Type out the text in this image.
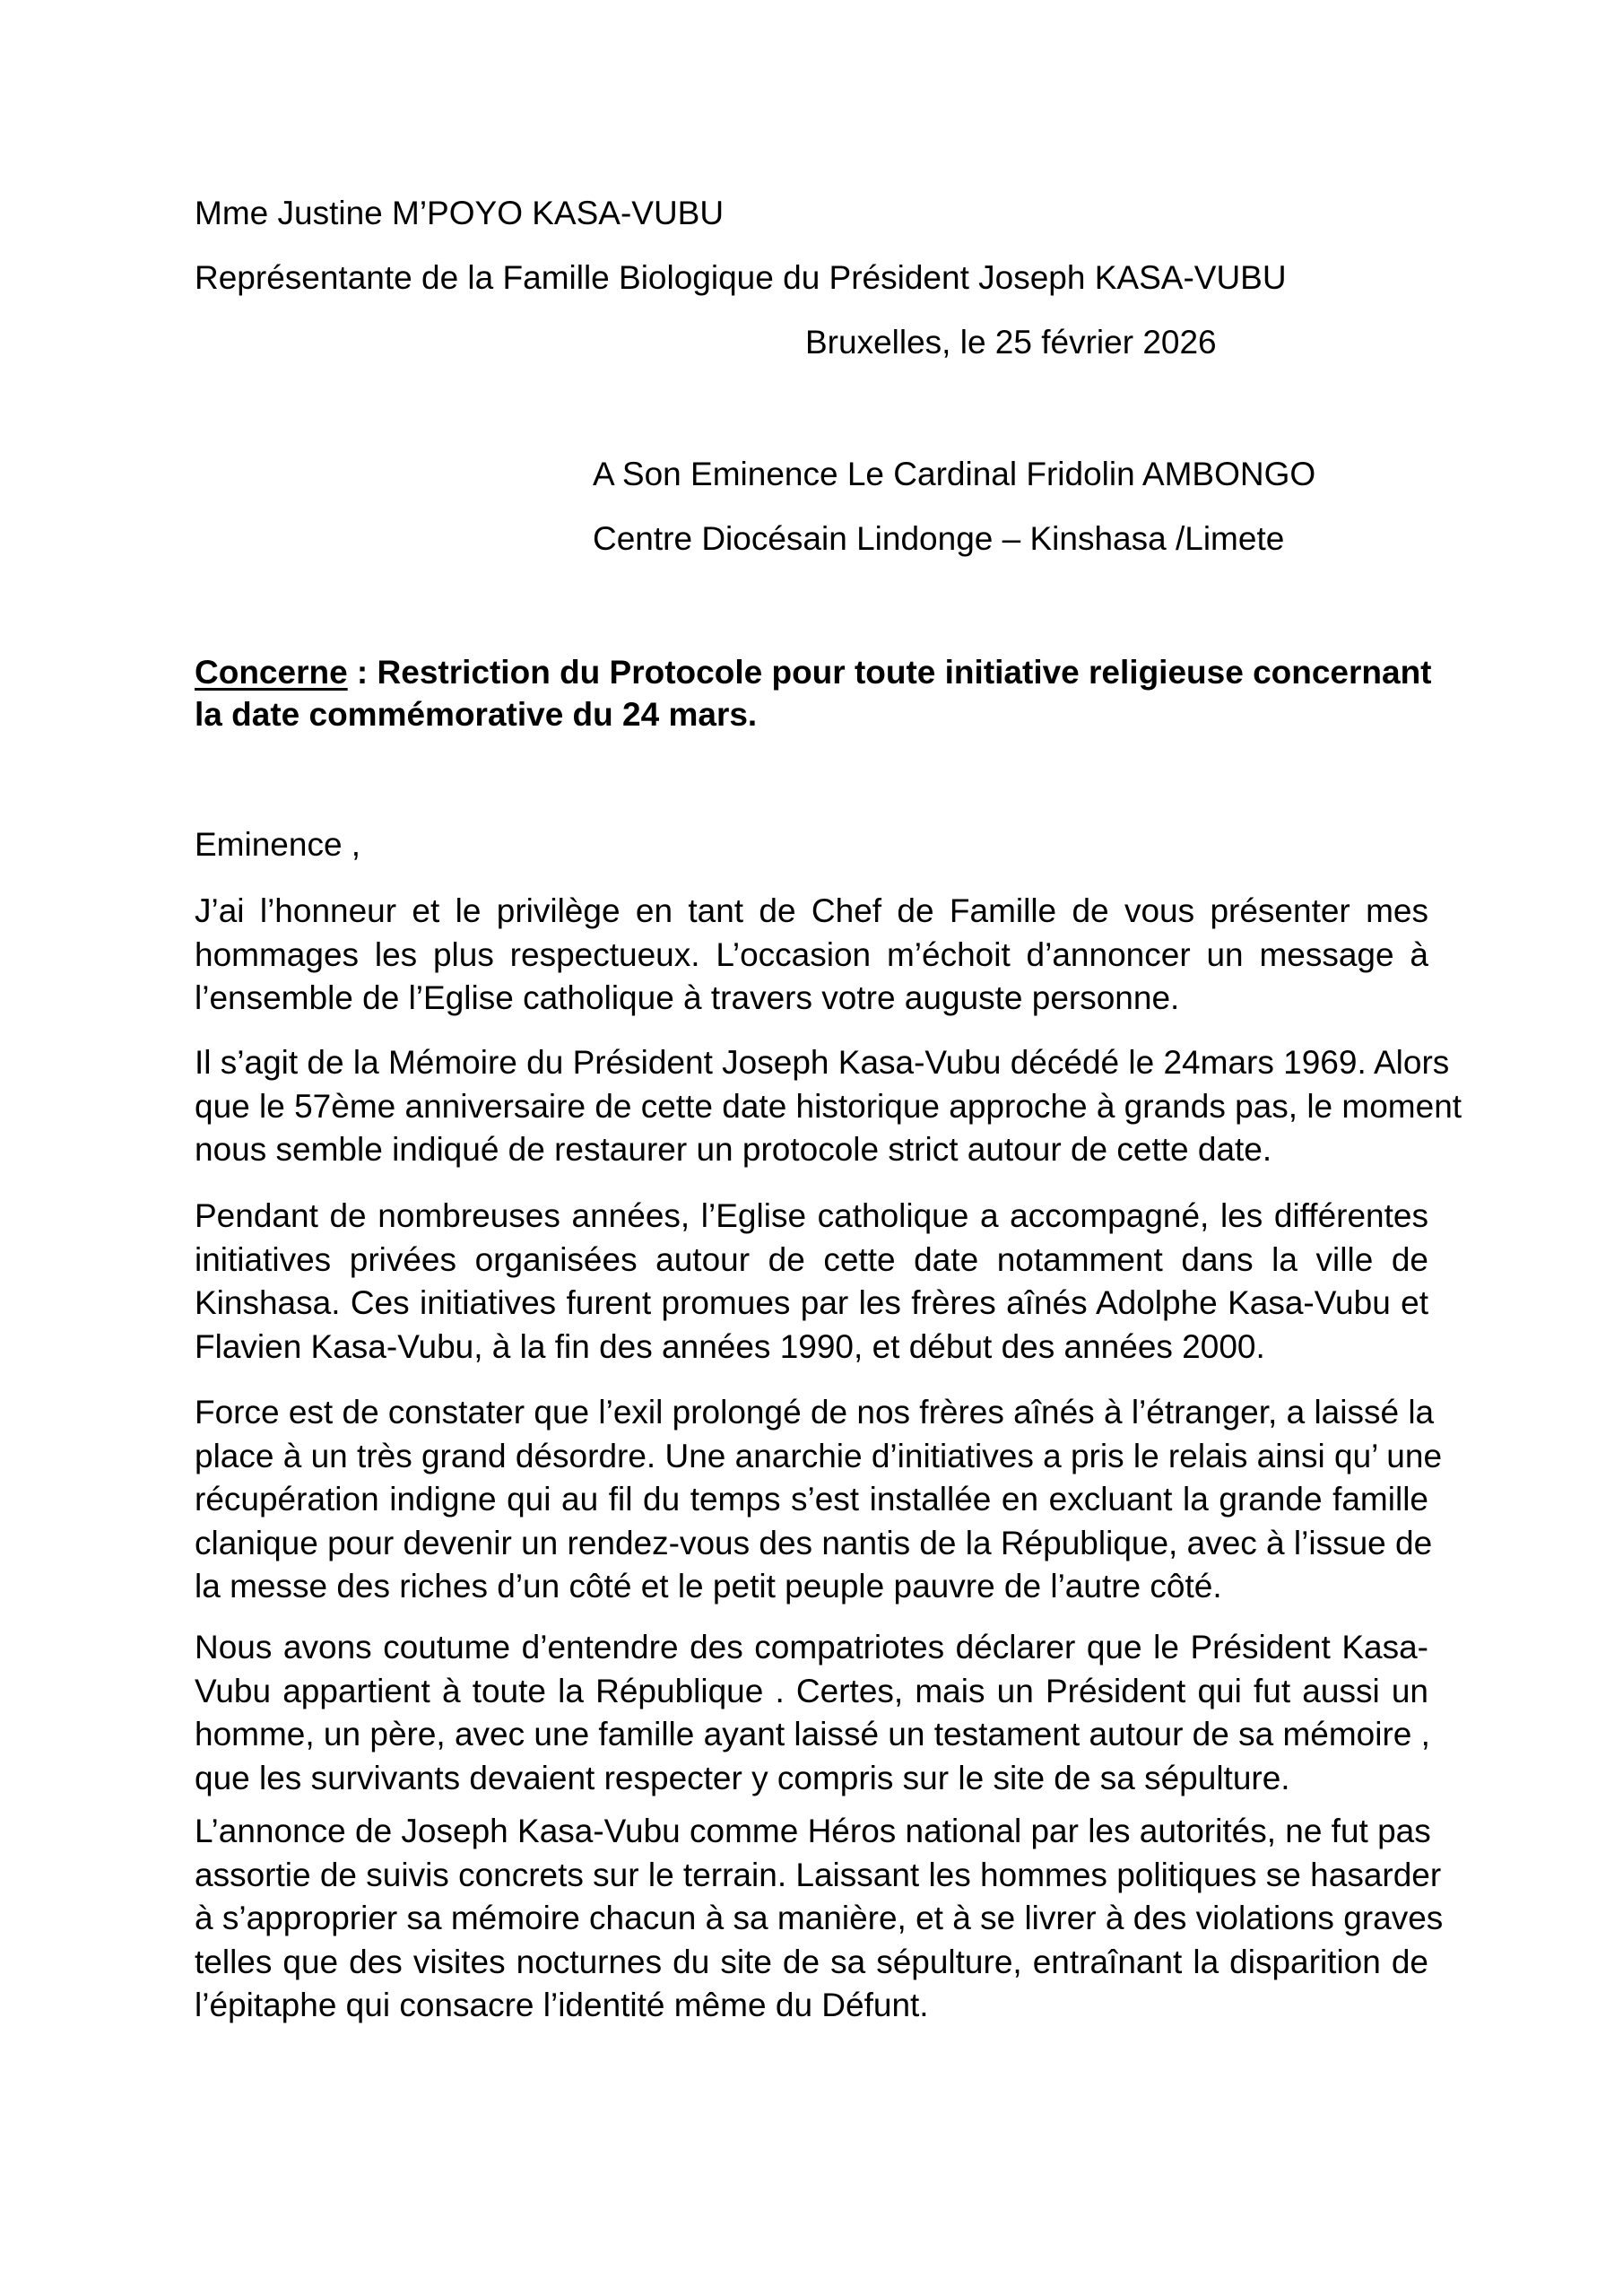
Mme Justine M’POYO KASA-VUBU
Représentante de la Famille Biologique du Président Joseph KASA-VUBU
Bruxelles, le 25 février 2026
A Son Eminence Le Cardinal Fridolin AMBONGO
Centre Diocésain Lindonge – Kinshasa /Limete
Concerne : Restriction du Protocole pour toute initiative religieuse concernant
la date commémorative du 24 mars.
Eminence ,
J’ai l’honneur et le privilège en tant de Chef de Famille de vous présenter mes
hommages les plus respectueux. L’occasion m’échoit d’annoncer un message à
l’ensemble de l’Eglise catholique à travers votre auguste personne.
Il s’agit de la Mémoire du Président Joseph Kasa-Vubu décédé le 24mars 1969. Alors
que le 57ème anniversaire de cette date historique approche à grands pas, le moment
nous semble indiqué de restaurer un protocole strict autour de cette date.
Pendant de nombreuses années, l’Eglise catholique a accompagné, les différentes
initiatives privées organisées autour de cette date notamment dans la ville de
Kinshasa. Ces initiatives furent promues par les frères aînés Adolphe Kasa-Vubu et
Flavien Kasa-Vubu, à la fin des années 1990, et début des années 2000.
Force est de constater que l’exil prolongé de nos frères aînés à l’étranger, a laissé la
place à un très grand désordre. Une anarchie d’initiatives a pris le relais ainsi qu’ une
récupération indigne qui au fil du temps s’est installée en excluant la grande famille
clanique pour devenir un rendez-vous des nantis de la République, avec à l’issue de
la messe des riches d’un côté et le petit peuple pauvre de l’autre côté.
Nous avons coutume d’entendre des compatriotes déclarer que le Président Kasa-
Vubu appartient à toute la République . Certes, mais un Président qui fut aussi un
homme, un père, avec une famille ayant laissé un testament autour de sa mémoire ,
que les survivants devaient respecter y compris sur le site de sa sépulture.
L’annonce de Joseph Kasa-Vubu comme Héros national par les autorités, ne fut pas
assortie de suivis concrets sur le terrain. Laissant les hommes politiques se hasarder
à s’approprier sa mémoire chacun à sa manière, et à se livrer à des violations graves
telles que des visites nocturnes du site de sa sépulture, entraînant la disparition de
l’épitaphe qui consacre l’identité même du Défunt.
